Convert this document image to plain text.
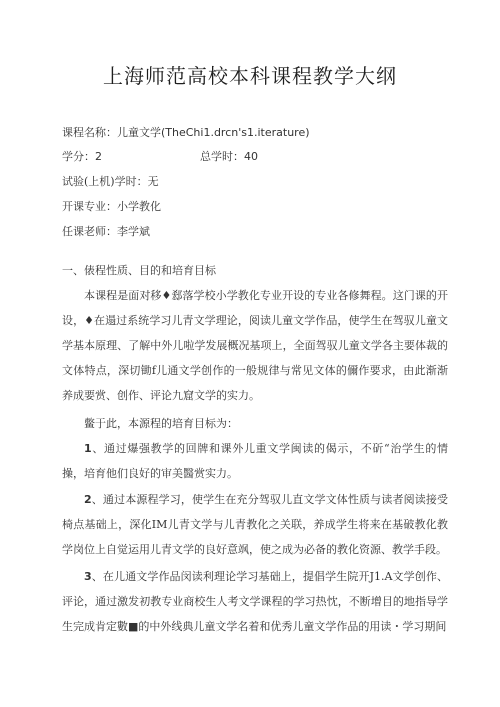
上海师范高校本科课程教学大纲
课程名称：儿童文学(TheChi1.drcn's1.iterature)
学分：2	总学时：40
试验(上机)学时：无
开课专业：小学教化
任课老师：李学斌
一、俵程性质、目的和培育目标
本课程是面对移♦郄落学校小学教化专业开设的专业各修舞程。这门课的开设，♦在遢过系统学习儿青文学理论，阅读儿童文学作品，使学生在驾驭儿童文学基本原理、了解中外儿啦学发展概况基项上，全面驾驭儿童文学各主要体裁的文体特点，深切锄f儿通文学创作的一般规律与常见文体的儞作要求，由此渐渐养成要赏、创作、评论九窟文学的实力。
鳖于此，本源程的培育目标为：
1、通过爆强教学的回牌和课外儿重文学闽读的偈示，不斫“治学生的情操，培育他们良好的审美醫赏实力。
2、通过本源程学习，使学生在充分驾驭儿直文学文体性质与读者阅读接受椅点基础上，深化IM儿青文学与儿青教化之关联，养成学生将来在基破教化教学岗位上自觉运用儿青文学的良好意飒，使之成为必备的教化资源、教学手段。
3、在儿通文学作品闵读利理论学习基础上，提倡学生院开J1.A文学创作、评论，通过激发初教专业商校生人考文学课程的学习热忱，不断增目的地指导学生完成肯定數■的中外线典儿童文学名着和优秀儿童文学作品的用读・学习期间
